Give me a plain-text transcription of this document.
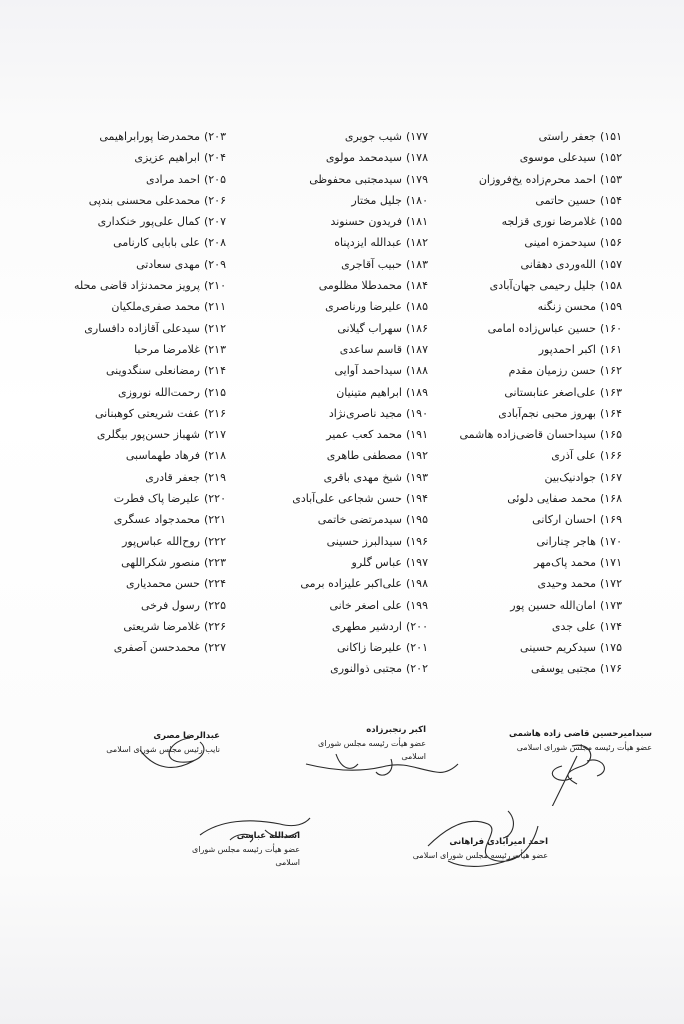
۱۵۱)جعفر راستی
۱۵۲)سیدعلی موسوی
۱۵۳)احمد محرم‌زاده یخ‌فروزان
۱۵۴)حسین حاتمی
۱۵۵)غلامرضا نوری قزلجه
۱۵۶)سیدحمزه امینی
۱۵۷)الله‌وردی دهقانی
۱۵۸)جلیل رحیمی جهان‌آبادی
۱۵۹)محسن زنگنه
۱۶۰)حسین عباس‌زاده امامی
۱۶۱)اکبر احمدپور
۱۶۲)حسن رزمیان مقدم
۱۶۳)علی‌اصغر عنابستانی
۱۶۴)بهروز محبی نجم‌آبادی
۱۶۵)سیداحسان قاضی‌زاده هاشمی
۱۶۶)علی آذری
۱۶۷)جوادنیک‌بین
۱۶۸)محمد صفایی دلوئی
۱۶۹)احسان ارکانی
۱۷۰)هاجر چنارانی
۱۷۱)محمد پاک‌مهر
۱۷۲)محمد وحیدی
۱۷۳)امان‌الله حسین پور
۱۷۴)علی جدی
۱۷۵)سیدکریم حسینی
۱۷۶)مجتبی یوسفی
۱۷۷)شیب جویری
۱۷۸)سیدمحمد مولوی
۱۷۹)سیدمجتبی محفوظی
۱۸۰)جلیل مختار
۱۸۱)فریدون حسنوند
۱۸۲)عبدالله ایزدپناه
۱۸۳)حبیب آقاجری
۱۸۴)محمدطلا مظلومی
۱۸۵)علیرضا ورناصری
۱۸۶)سهراب گیلانی
۱۸۷)قاسم ساعدی
۱۸۸)سیداحمد آوایی
۱۸۹)ابراهیم متینیان
۱۹۰)مجید ناصری‌نژاد
۱۹۱)محمد کعب عمیر
۱۹۲)مصطفی طاهری
۱۹۳)شیخ مهدی باقری
۱۹۴)حسن شجاعی علی‌آبادی
۱۹۵)سیدمرتضی خاتمی
۱۹۶)سیدالبرز حسینی
۱۹۷)عباس گلرو
۱۹۸)علی‌اکبر علیزاده برمی
۱۹۹)علی اصغر خانی
۲۰۰)اردشیر مطهری
۲۰۱)علیرضا زاکانی
۲۰۲)مجتبی ذوالنوری
۲۰۳)محمدرضا پورابراهیمی
۲۰۴)ابراهیم عزیزی
۲۰۵)احمد مرادی
۲۰۶)محمدعلی محسنی بندپی
۲۰۷)کمال علی‌پور خنکداری
۲۰۸)علی بابایی کارنامی
۲۰۹)مهدی سعادتی
۲۱۰)پرویز محمدنژاد قاضی محله
۲۱۱)محمد صفری‌ملکیان
۲۱۲)سیدعلی آقازاده دافساری
۲۱۳)غلامرضا مرحبا
۲۱۴)رمضانعلی سنگدوینی
۲۱۵)رحمت‌الله نوروزی
۲۱۶)عفت شریعتی کوهبنانی
۲۱۷)شهباز حسن‌پور بیگلری
۲۱۸)فرهاد طهماسبی
۲۱۹)جعفر قادری
۲۲۰)علیرضا پاک فطرت
۲۲۱)محمدجواد عسگری
۲۲۲)روح‌الله عباس‌پور
۲۲۳)منصور شکراللهی
۲۲۴)حسن محمدیاری
۲۲۵)رسول فرخی
۲۲۶)غلامرضا شریعتی
۲۲۷)محمدحسن آصفری
سیدامیرحسین قاضی زاده هاشمی
عضو هیأت رئیسه مجلس شورای اسلامی
اکبر رنجبرزاده
عضو هیأت رئیسه مجلس شورای اسلامی
عبدالرضا مصری
نایب رئیس مجلس شورای اسلامی
احمد امیرآبادی فراهانی
عضو هیأت رئیسه مجلس شورای اسلامی
اسدالله عباسی
عضو هیأت رئیسه مجلس شورای اسلامی
